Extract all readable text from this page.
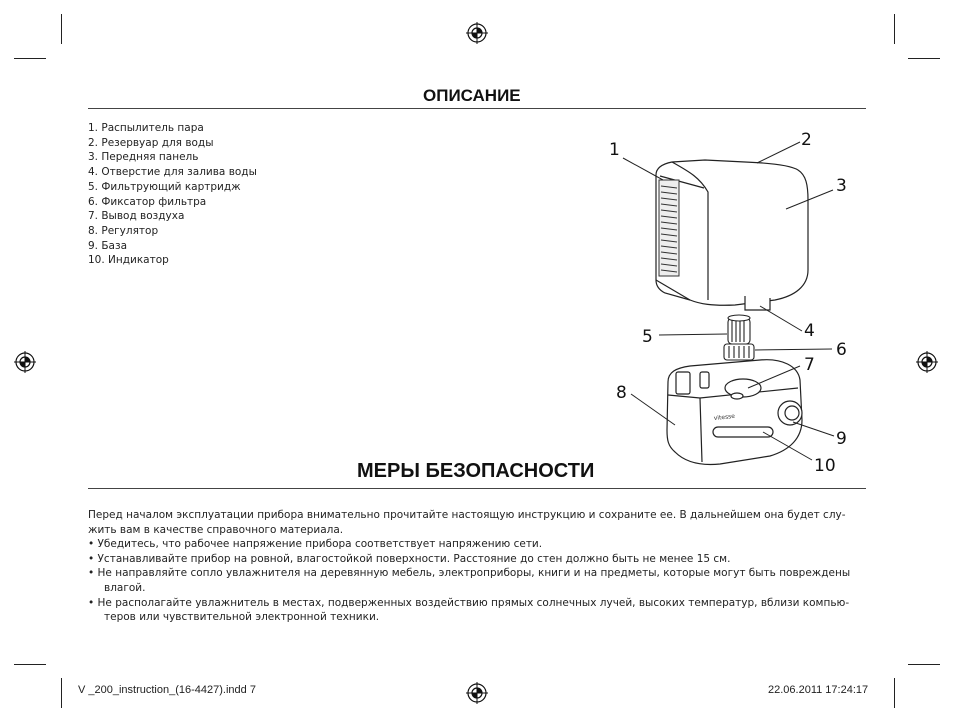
ОПИСАНИЕ
1. Распылитель пара
2. Резервуар для воды
3. Передняя панель
4. Отверстие для залива воды
5. Фильтрующий картридж
6. Фиксатор фильтра
7. Вывод воздуха
8. Регулятор
9. База
10. Индикатор
vitesse
1	2
3
4
5
6
7
8
9
10
МЕРЫ БЕЗОПАСНОСТИ

Перед началом эксплуатации прибора внимательно прочитайте настоящую инструкцию и сохраните ее. В дальнейшем она будет слу-

жить вам в качестве справочного материала.

• Убедитесь, что рабочее напряжение прибора соответствует напряжению сети.

• Устанавливайте прибор на ровной, влагостойкой поверхности. Расстояние до стен должно быть не менее 15 см.

• Не направляйте сопло увлажнителя на деревянную мебель, электроприборы, книги и на предметы, которые могут быть повреждены
влагой.

• Не располагайте увлажнитель в местах, подверженных воздействию прямых солнечных лучей, высоких температур, вблизи компью-
теров или чувствительной электронной техники.

V _200_instruction_(16-4427).indd 7	22.06.2011 17:24:17
